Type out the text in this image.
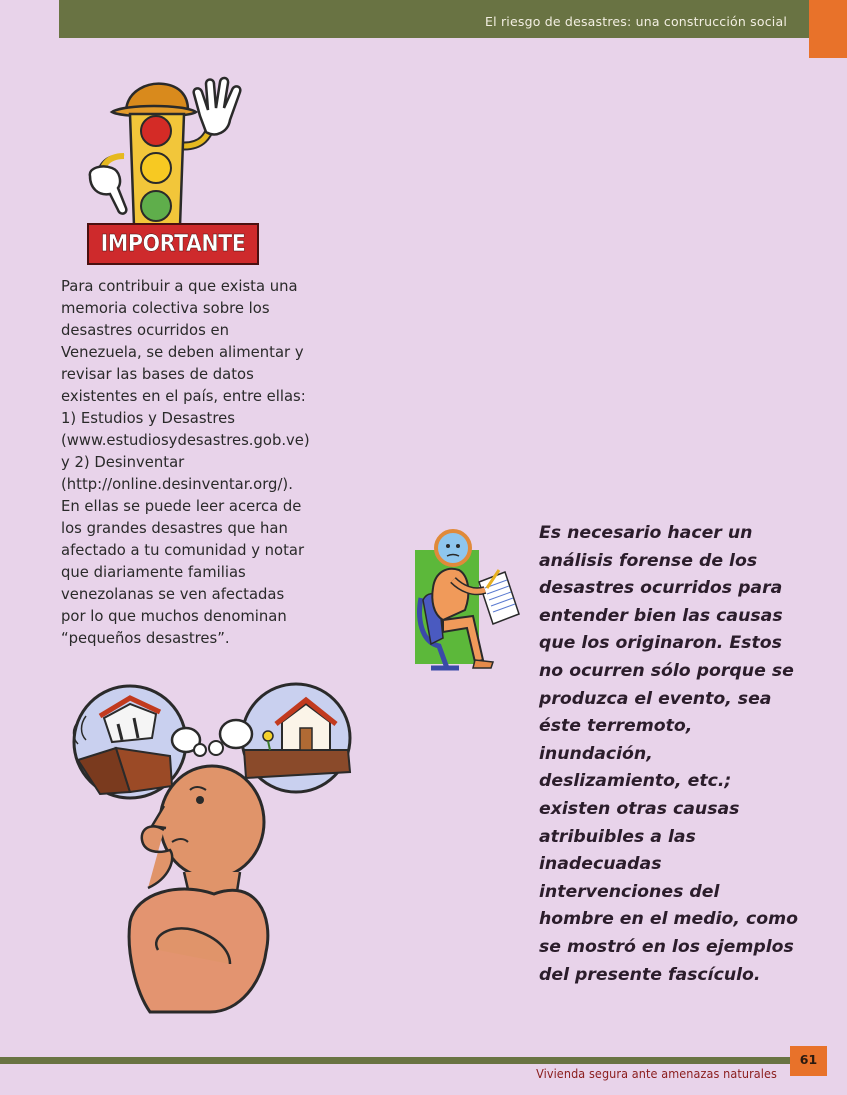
El riesgo de desastres: una construcción social
IMPORTANTE

Para contribuir a que exista una memoria colectiva sobre los desastres ocurridos en Venezuela, se deben alimentar y revisar las bases de datos existentes en el país, entre ellas: 1) Estudios y Desastres (www.estudiosydesastres.gob.ve) y 2) Desinventar (http://online.desinventar.org/). En ellas se puede leer acerca de los grandes desastres que han afectado a tu comunidad y notar que diariamente familias venezolanas se ven afectadas por lo que muchos denominan “pequeños desastres”.

Es necesario hacer un análisis forense de los desastres ocurridos para entender bien las causas que los originaron. Estos no ocurren sólo porque se produzca el evento, sea éste terremoto, inundación, deslizamiento, etc.; existen otras causas atribuibles a las inadecuadas intervenciones del hombre en el medio, como se mostró en los ejemplos del presente fascículo.

61
Vivienda segura ante amenazas naturales
